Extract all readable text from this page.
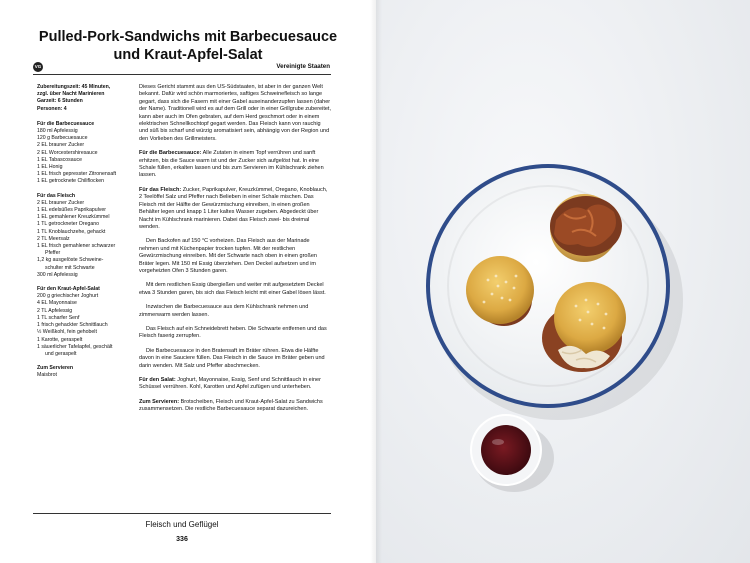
Pulled-Pork-Sandwichs mit Barbecuesauce
und Kraut-Apfel-Salat
VG	Vereinigte Staaten
Zubereitungszeit: 45 Minuten,
zzgl. über Nacht Marinieren
Garzeit: 6 Stunden
Personen: 4
Für die Barbecuesauce
180 ml Apfelessig
120 g Barbecuesauce
2 EL brauner Zucker
2 EL Worcestershiresauce
1 EL Tabascosauce
1 EL Honig
1 EL frisch gepresster Zitronensaft
1 EL getrocknete Chiliflocken
Für das Fleisch
2 EL brauner Zucker
1 EL edelsüßes Paprikapulver
1 EL gemahlener Kreuzkümmel
1 TL getrockneter Oregano
1 TL Knoblauchzehe, gehackt
2 TL Meersalz
1 EL frisch gemahlener schwarzer
Pfeffer
1,2 kg ausgelöste Schweine-
schulter mit Schwarte
300 ml Apfelessig
Für den Kraut-Apfel-Salat
200 g griechischer Joghurt
4 EL Mayonnaise
2 TL Apfelessig
1 TL scharfer Senf
1 frisch gehackter Schnittlauch
½ Weißkohl, fein gehobelt
1 Karotte, geraspelt
1 säuerlicher Tafelapfel, geschält
und geraspelt
Zum Servieren
Maisbrot

Dieses Gericht stammt aus den US-Südstaaten, ist aber in der ganzen Welt bekannt. Dafür wird schön marmoriertes, saftiges Schweinefleisch so lange gegart, dass sich die Fasern mit einer Gabel auseinanderzupfen lassen (daher der Name). Traditionell wird es auf dem Grill oder in einer Grillgrube zubereitet, kann aber auch im Ofen gebraten, auf dem Herd geschmort oder in einem elektrischen Schnellkochtopf gegart werden. Das Fleisch kann von rauchig und süß bis scharf und würzig aromatisiert sein, abhängig von der Region und den Vorlieben des Grillmeisters.

Für die Barbecuesauce: Alle Zutaten in einem Topf verrühren und sanft erhitzen, bis die Sauce warm ist und der Zucker sich aufgelöst hat. In eine Schale füllen, erkalten lassen und bis zum Servieren im Kühlschrank ziehen lassen.

Für das Fleisch: Zucker, Paprikapulver, Kreuzkümmel, Oregano, Knoblauch, 2 Teelöffel Salz und Pfeffer nach Belieben in einer Schale mischen. Das Fleisch mit der Hälfte der Gewürzmischung einreiben, in einen großen Behälter legen und knapp 1 Liter kaltes Wasser zugeben. Abgedeckt über Nacht im Kühlschrank marinieren. Dabei das Fleisch zwei- bis dreimal wenden.

Den Backofen auf 150 °C vorheizen. Das Fleisch aus der Marinade nehmen und mit Küchenpapier trocken tupfen. Mit der restlichen Gewürzmischung einreiben. Mit der Schwarte nach oben in einen großen Bräter legen. Mit 150 ml Essig überziehen. Den Deckel aufsetzen und im vorgeheizten Ofen 3 Stunden garen.

Mit dem restlichen Essig übergießen und weiter mit aufgesetztem Deckel etwa 3 Stunden garen, bis sich das Fleisch leicht mit einer Gabel lösen lässt.

Inzwischen die Barbecuesauce aus dem Kühlschrank nehmen und zimmerwarm werden lassen.

Das Fleisch auf ein Schneidebrett heben. Die Schwarte entfernen und das Fleisch faserig zerrupfen.

Die Barbecuesauce in den Bratensaft im Bräter rühren. Etwa die Hälfte davon in eine Sauciere füllen. Das Fleisch in die Sauce im Bräter geben und darin wenden. Mit Salz und Pfeffer abschmecken.

Für den Salat: Joghurt, Mayonnaise, Essig, Senf und Schnittlauch in einer Schüssel verrühren. Kohl, Karotten und Apfel zufügen und unterheben.

Zum Servieren: Brotscheiben, Fleisch und Kraut-Apfel-Salat zu Sandwichs zusammensetzen. Die restliche Barbecuesauce separat dazureichen.

Fleisch und Geflügel
336
